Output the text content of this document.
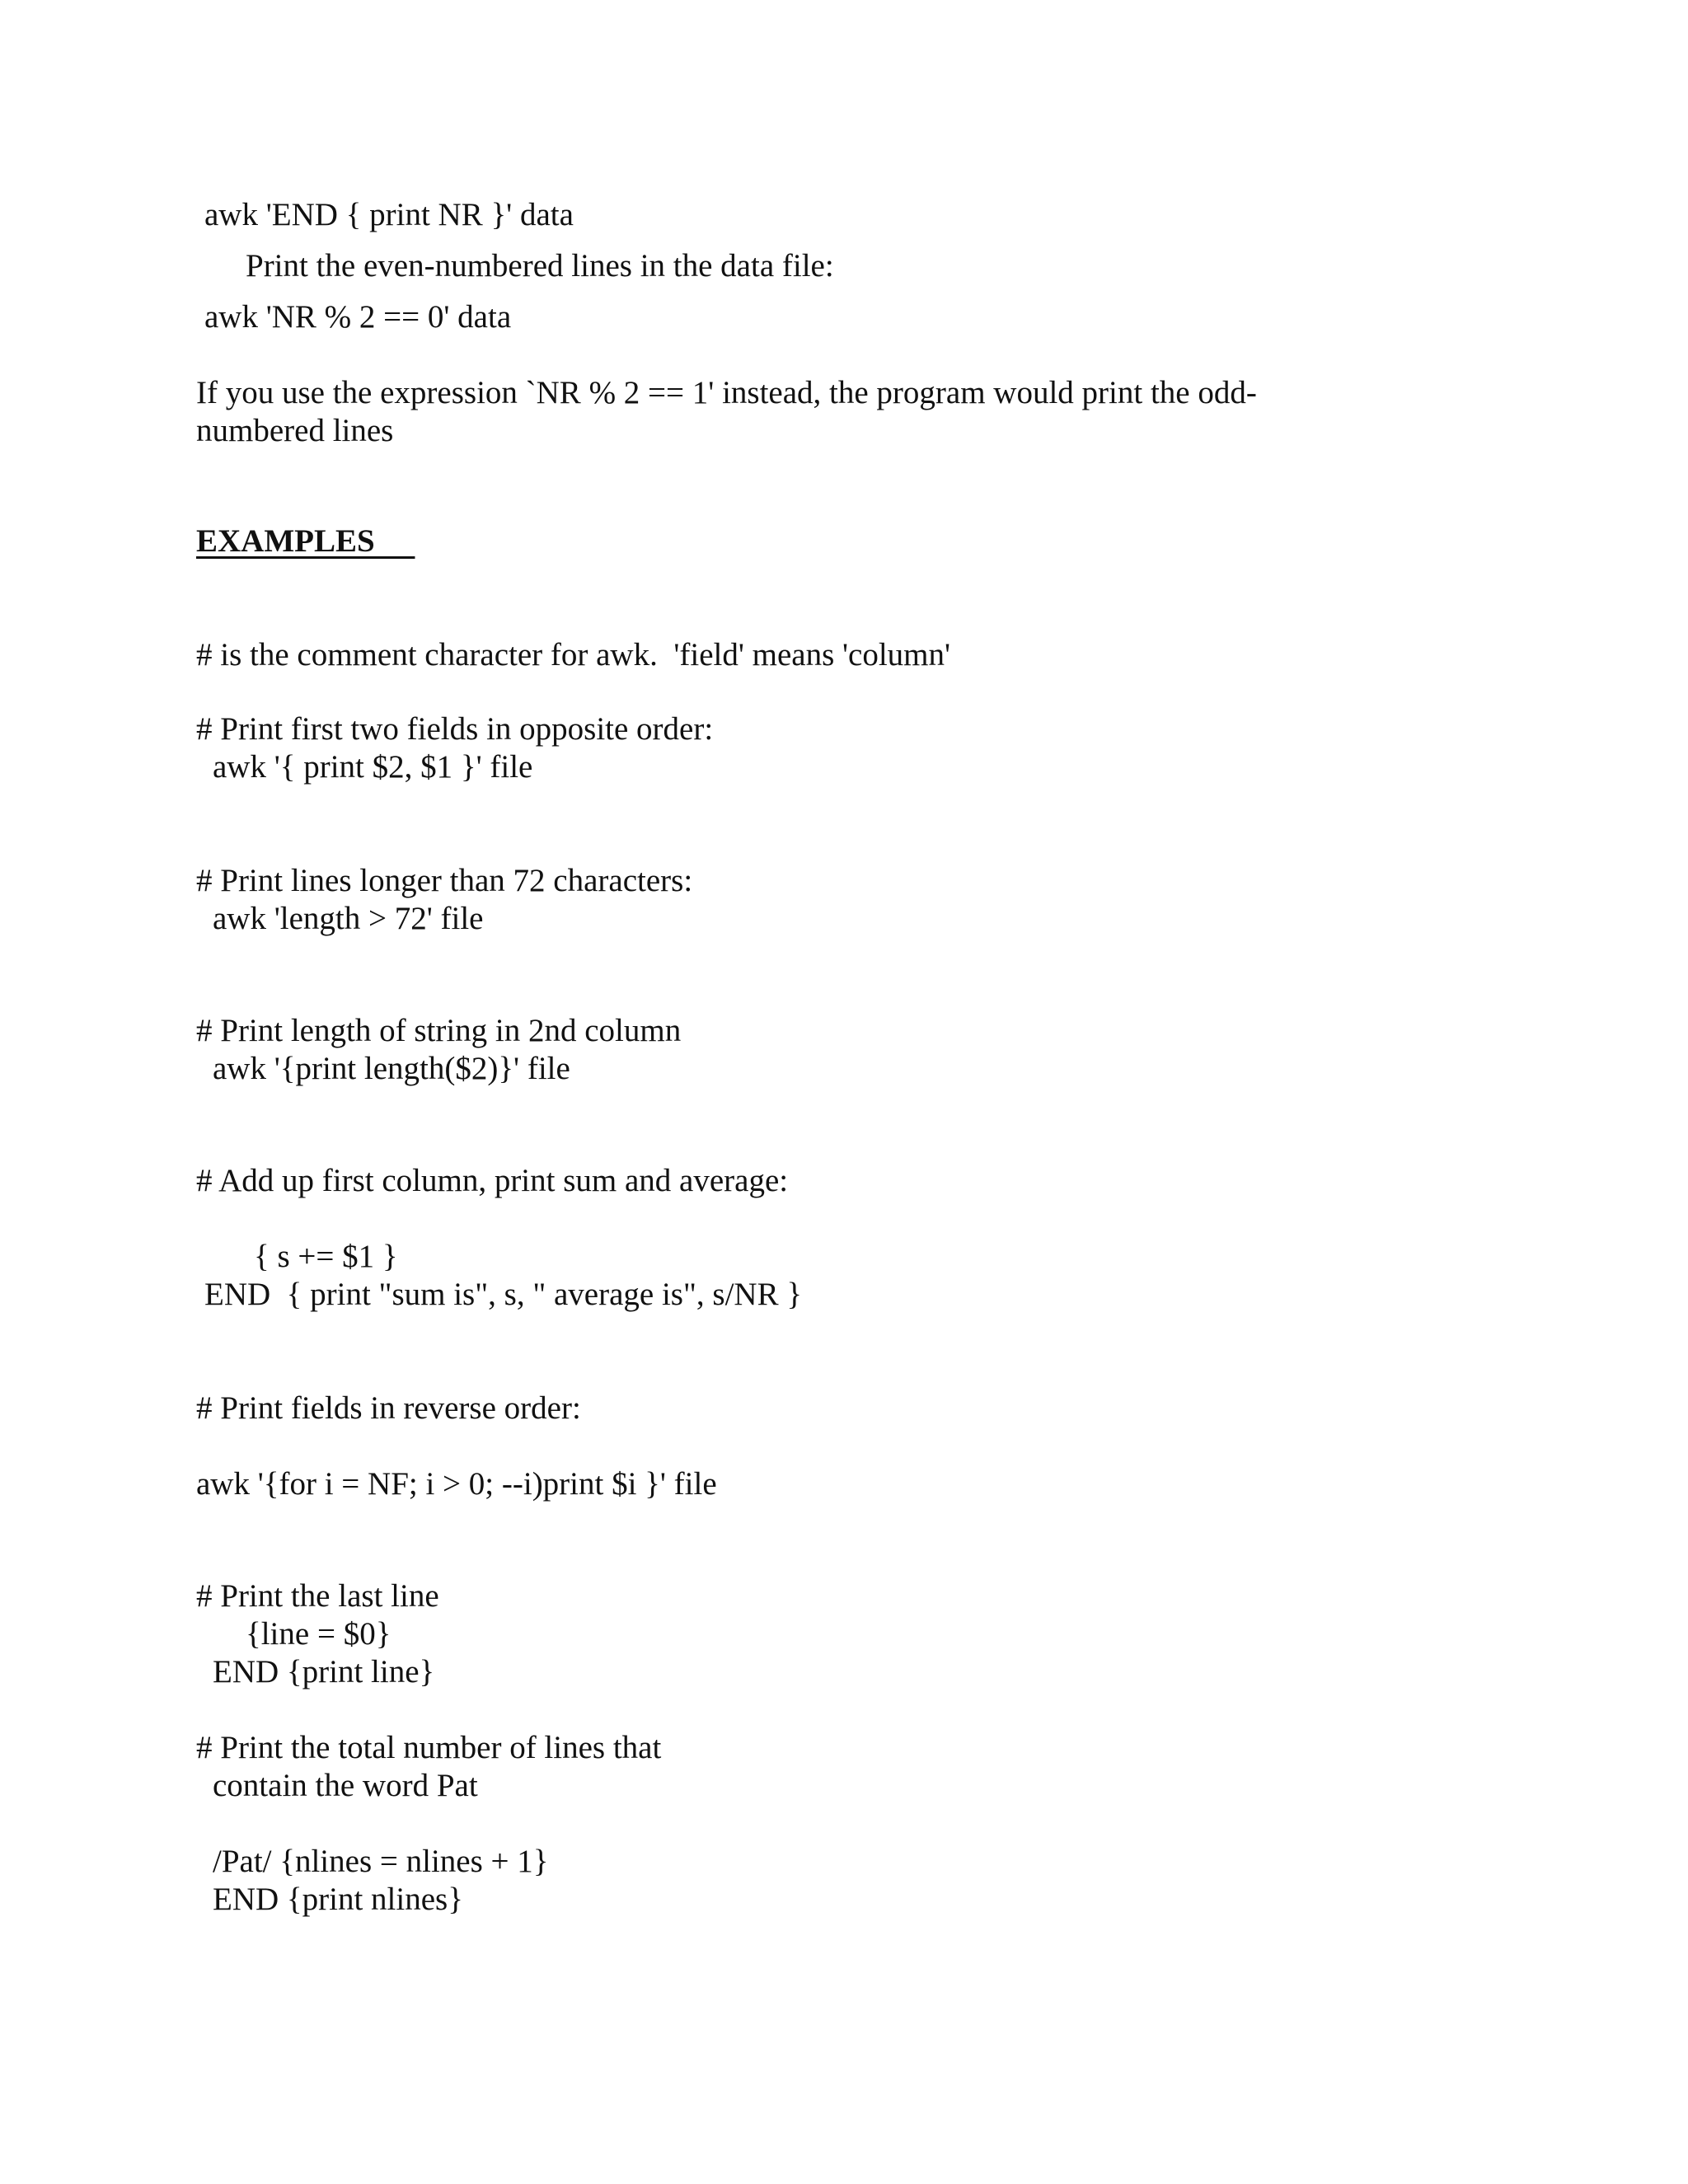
awk 'END { print NR }' data

Print the even-numbered lines in the data file:

awk 'NR % 2 == 0' data

If you use the expression `NR % 2 == 1' instead, the program would print the odd-

numbered lines

EXAMPLES

# is the comment character for awk.  'field' means 'column'

# Print first two fields in opposite order:

awk '{ print $2, $1 }' file

# Print lines longer than 72 characters:

awk 'length > 72' file

# Print length of string in 2nd column

awk '{print length($2)}' file

# Add up first column, print sum and average:

{ s += $1 }

END  { print "sum is", s, " average is", s/NR }

# Print fields in reverse order:

awk '{for i = NF; i > 0; --i)print $i }' file

# Print the last line

{line = $0}

END {print line}

# Print the total number of lines that

contain the word Pat

/Pat/ {nlines = nlines + 1}

END {print nlines}
